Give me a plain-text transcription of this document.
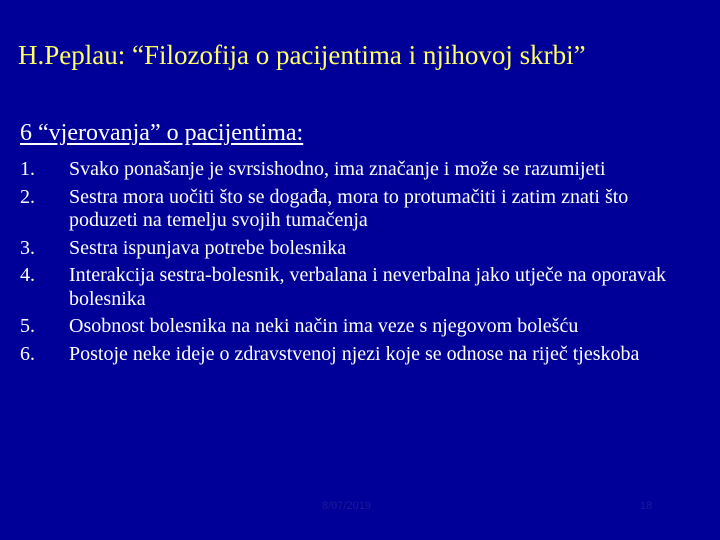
H.Peplau: “Filozofija o pacijentima i njihovoj skrbi”
6 “vjerovanja” o pacijentima:
1. Svako ponašanje je svrsishodno, ima značanje i može se razumijeti
2. Sestra mora uočiti što se događa, mora to protumačiti i zatim znati što poduzeti na temelju svojih tumačenja
3. Sestra ispunjava potrebe bolesnika
4. Interakcija sestra-bolesnik, verbalana i neverbalna jako utječe na oporavak bolesnika
5. Osobnost bolesnika na neki način ima veze s njegovom bolešću
6. Postoje neke ideje o zdravstvenoj njezi koje se odnose na riječ tjeskoba
8/07/2019	18
